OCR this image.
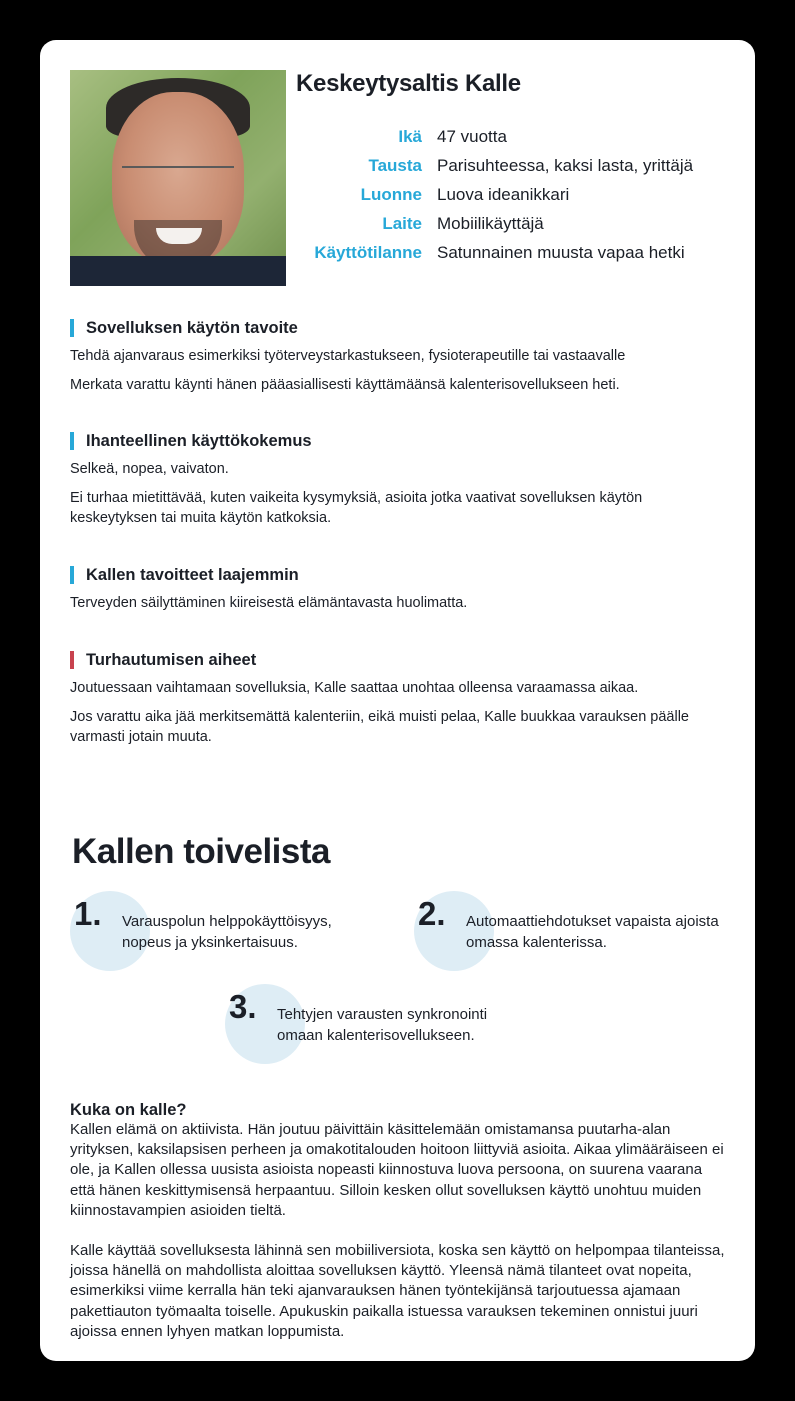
Keskeytysaltis Kalle
Ikä 47 vuotta
Tausta Parisuhteessa, kaksi lasta, yrittäjä
Luonne Luova ideanikkari
Laite Mobiilikäyttäjä
Käyttötilanne Satunnainen muusta vapaa hetki
Sovelluksen käytön tavoite

Tehdä ajanvaraus esimerkiksi työterveystarkastukseen, fysioterapeutille tai vastaavalle

Merkata varattu käynti hänen pääasiallisesti käyttämäänsä kalenterisovellukseen heti.

Ihanteellinen käyttökokemus

Selkeä, nopea, vaivaton.

Ei turhaa mietittävää, kuten vaikeita kysymyksiä, asioita jotka vaativat sovelluksen käytön keskeytyksen tai muita käytön katkoksia.

Kallen tavoitteet laajemmin

Terveyden säilyttäminen kiireisestä elämäntavasta huolimatta.

Turhautumisen aiheet

Joutuessaan vaihtamaan sovelluksia, Kalle saattaa unohtaa olleensa varaamassa aikaa.

Jos varattu aika jää merkitsemättä kalenteriin, eikä muisti pelaa, Kalle buukkaa varauksen päälle varmasti jotain muuta.

Kallen toivelista
1. Varauspolun helppokäyttöisyys, nopeus ja yksinkertaisuus.
2. Automaattiehdotukset vapaista ajoista omassa kalenterissa.
3. Tehtyjen varausten synkronointi omaan kalenterisovellukseen.
Kuka on kalle?

Kallen elämä on aktiivista. Hän joutuu päivittäin käsittelemään omistamansa puutarha-alan yrityksen, kaksilapsisen perheen ja omakotitalouden hoitoon liittyviä asioita. Aikaa ylimääräiseen ei ole, ja Kallen ollessa uusista asioista nopeasti kiinnostuva luova persoona, on suurena vaarana että hänen keskittymisensä herpaantuu. Silloin kesken ollut sovelluksen käyttö unohtuu muiden kiinnostavampien asioiden tieltä.

Kalle käyttää sovelluksesta lähinnä sen mobiiliversiota, koska sen käyttö on helpompaa tilanteissa, joissa hänellä on mahdollista aloittaa sovelluksen käyttö. Yleensä nämä tilanteet ovat nopeita, esimerkiksi viime kerralla hän teki ajanvarauksen hänen työntekijänsä tarjoutuessa ajamaan pakettiauton työmaalta toiselle. Apukuskin paikalla istuessa varauksen tekeminen onnistui juuri ajoissa ennen lyhyen matkan loppumista.
